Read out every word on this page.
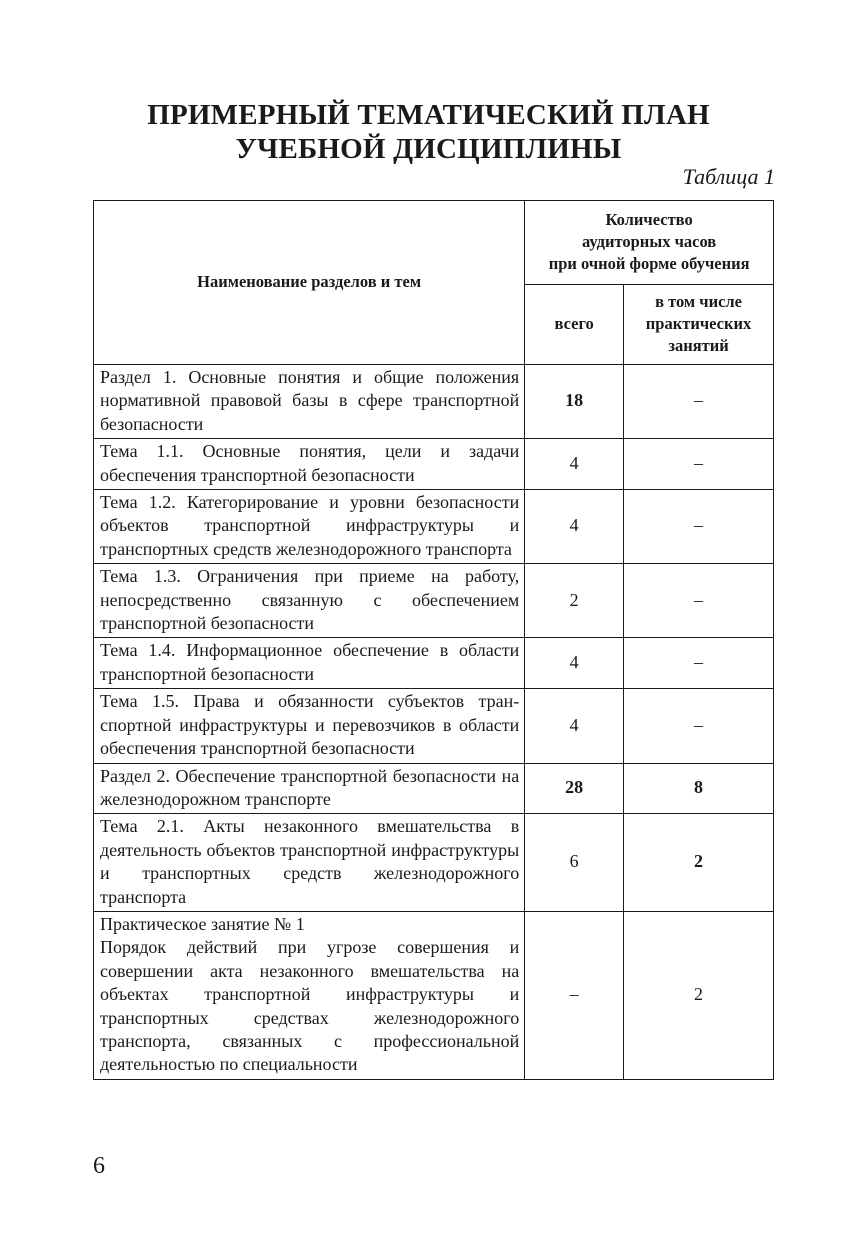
ПРИМЕРНЫЙ ТЕМАТИЧЕСКИЙ ПЛАН
УЧЕБНОЙ ДИСЦИПЛИНЫ
Таблица 1
Наименование разделов и тем	Количество
аудиторных часов
при очной форме обучения	

	всего	в том числе
практических
занятий

Раздел 1. Основные понятия и общие положения нормативной правовой базы в сфере транспортной безопасности	18	–

Тема 1.1. Основные понятия, цели и задачи обеспечения транспортной безопасности	4	–

Тема 1.2. Категорирование и уровни безопасности объектов транспортной инфраструктуры и транспортных средств железнодорожного транспорта	4	–

Тема 1.3. Ограничения при приеме на работу, непосредственно связанную с обеспечением транспортной безопасности	2	–

Тема 1.4. Информационное обеспечение в области транспортной безопасности	4	–

Тема 1.5. Права и обязанности субъектов транспортной инфраструктуры и перевозчиков в области обеспечения транспортной безопасности	4	–

Раздел 2. Обеспечение транспортной безопасности на железнодорожном транспорте	28	8

Тема 2.1. Акты незаконного вмешательства в деятельность объектов транспортной инфраструктуры и транспортных средств железнодорожного транспорта	6	2

Практическое занятие № 1
Порядок действий при угрозе совершения и совершении акта незаконного вмешательства на объектах транспортной инфраструктуры и транспортных средствах железнодорожного транспорта, связанных с профессиональной деятельностью по специальности	–	2
6
